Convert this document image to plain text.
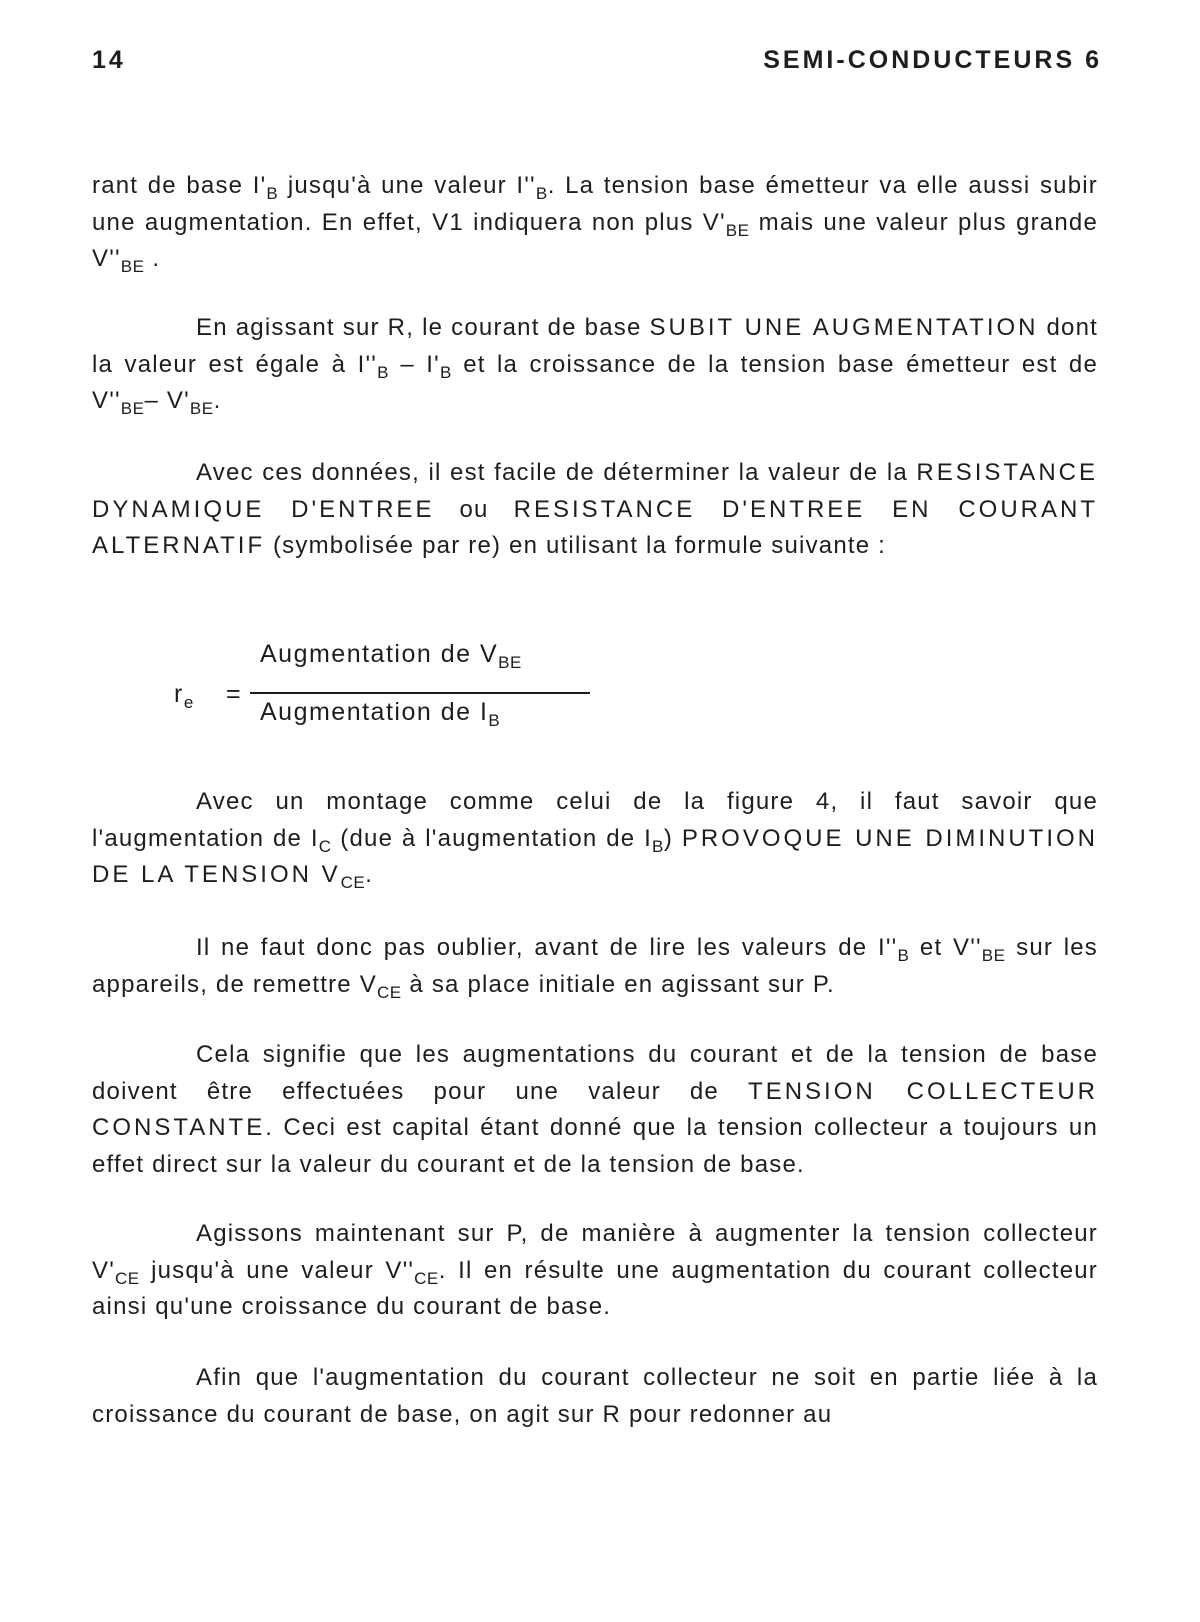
14	SEMI-CONDUCTEURS 6

rant de base $I'_B$ jusqu'à une valeur $I''_B$. La tension base émetteur va elle aussi subir une augmentation. En effet, V1 indiquera non plus $V'_{BE}$ mais une valeur plus grande $V''_{BE}$ .

En agissant sur R, le courant de base SUBIT UNE AUGMENTATION dont la valeur est égale à $I''_B - I'_B$ et la croissance de la tension base émetteur est de $V''_{BE}-$ $V'_{BE}$.

Avec ces données, il est facile de déterminer la valeur de la RESISTANCE DYNAMIQUE D'ENTREE ou RESISTANCE D'ENTREE EN COURANT ALTERNATIF (symbolisée par re) en utilisant la formule suivante :

$r_e$ =
Augmentation de $V_{BE}$
Augmentation de $I_B$

Avec un montage comme celui de la figure 4, il faut savoir que l'augmentation de $I_C$ (due à l'augmentation de $I_B$) PROVOQUE UNE DIMINUTION DE LA TENSION $V_{CE}$.

Il ne faut donc pas oublier, avant de lire les valeurs de $I''_B$ et $V''_{BE}$ sur les appareils, de remettre $V_{CE}$ à sa place initiale en agissant sur P.

Cela signifie que les augmentations du courant et de la tension de base doivent être effectuées pour une valeur de TENSION COLLECTEUR CONSTANTE. Ceci est capital étant donné que la tension collecteur a toujours un effet direct sur la valeur du courant et de la tension de base.

Agissons maintenant sur P, de manière à augmenter la tension collecteur $V'_{CE}$ jusqu'à une valeur $V''_{CE}$. Il en résulte une augmentation du courant collecteur ainsi qu'une croissance du courant de base.

Afin que l'augmentation du courant collecteur ne soit en partie liée à la croissance du courant de base, on agit sur R pour redonner au
